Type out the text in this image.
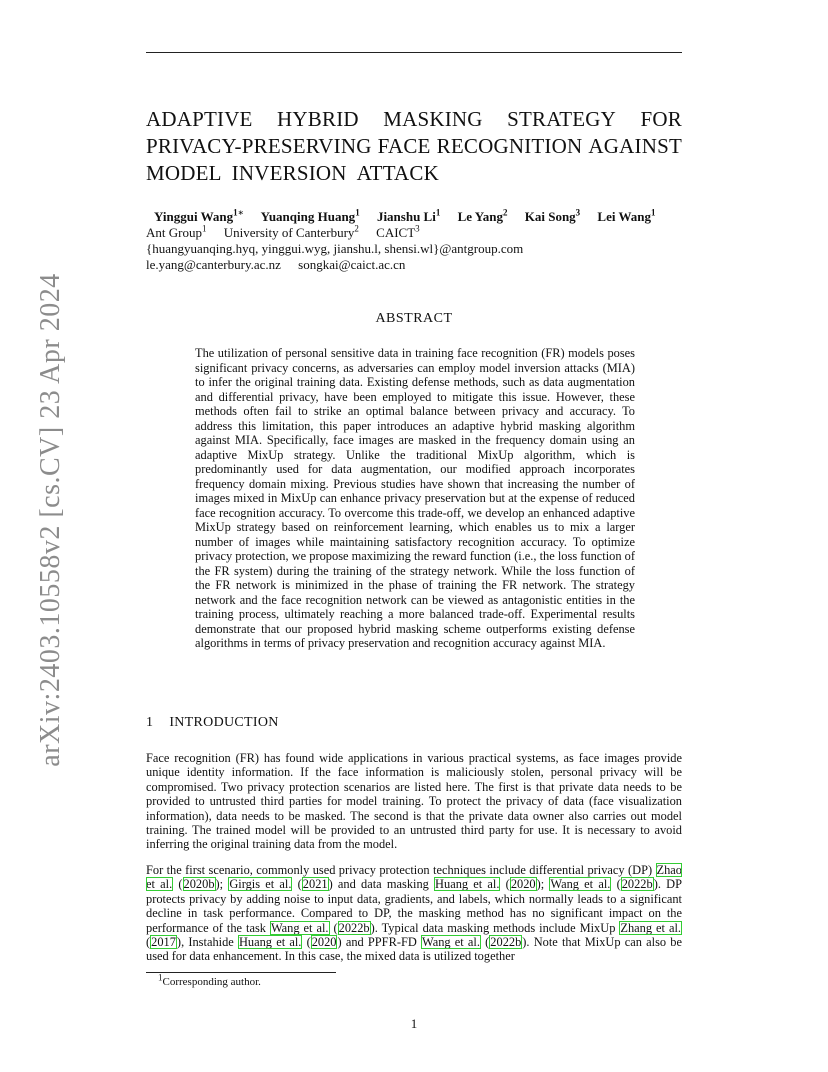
arXiv:2403.10558v2 [cs.CV] 23 Apr 2024
ADAPTIVE HYBRID MASKING STRATEGY FOR
PRIVACY-PRESERVING FACE RECOGNITION AGAINST
MODEL INVERSION ATTACK
Yinggui Wang$^{1∗}$ Yuanqing Huang$^1$ Jianshu Li$^1$ Le Yang$^2$ Kai Song$^3$ Lei Wang$^1$
Ant Group$^1$ University of Canterbury$^2$ CAICT$^3$
{huangyuanqing.hyq, yinggui.wyg, jianshu.l, shensi.wl}@antgroup.com
le.yang@canterbury.ac.nz songkai@caict.ac.cn
ABSTRACT
The utilization of personal sensitive data in training face recognition (FR) models poses significant privacy concerns, as adversaries can employ model inversion attacks (MIA) to infer the original training data. Existing defense methods, such as data augmentation and differential privacy, have been employed to mitigate this issue. However, these methods often fail to strike an optimal balance between privacy and accuracy. To address this limitation, this paper introduces an adaptive hybrid masking algorithm against MIA. Specifically, face images are masked in the frequency domain using an adaptive MixUp strategy. Unlike the traditional MixUp algorithm, which is predominantly used for data augmentation, our modified approach incorporates frequency domain mixing. Previous studies have shown that increasing the number of images mixed in MixUp can enhance privacy preservation but at the expense of reduced face recognition accuracy. To overcome this trade-off, we develop an enhanced adaptive MixUp strategy based on reinforcement learning, which enables us to mix a larger number of images while maintaining satisfactory recognition accuracy. To optimize privacy protection, we propose maximizing the reward function (i.e., the loss function of the FR system) during the training of the strategy network. While the loss function of the FR network is minimized in the phase of training the FR network. The strategy network and the face recognition network can be viewed as antagonistic entities in the training process, ultimately reaching a more balanced trade-off. Experimental results demonstrate that our proposed hybrid masking scheme outperforms existing defense algorithms in terms of privacy preservation and recognition accuracy against MIA.
1 INTRODUCTION
Face recognition (FR) has found wide applications in various practical systems, as face images provide unique identity information. If the face information is maliciously stolen, personal privacy will be compromised. Two privacy protection scenarios are listed here. The first is that private data needs to be provided to untrusted third parties for model training. To protect the privacy of data (face visualization information), data needs to be masked. The second is that the private data owner also carries out model training. The trained model will be provided to an untrusted third party for use. It is necessary to avoid inferring the original training data from the model.
For the first scenario, commonly used privacy protection techniques include differential privacy (DP) Zhao et al. (2020b); Girgis et al. (2021) and data masking Huang et al. (2020); Wang et al. (2022b). DP protects privacy by adding noise to input data, gradients, and labels, which normally leads to a significant decline in task performance. Compared to DP, the masking method has no significant impact on the performance of the task Wang et al. (2022b). Typical data masking methods include MixUp Zhang et al. (2017), Instahide Huang et al. (2020) and PPFR-FD Wang et al. (2022b). Note that MixUp can also be used for data enhancement. In this case, the mixed data is utilized together
$^1$Corresponding author.
1
